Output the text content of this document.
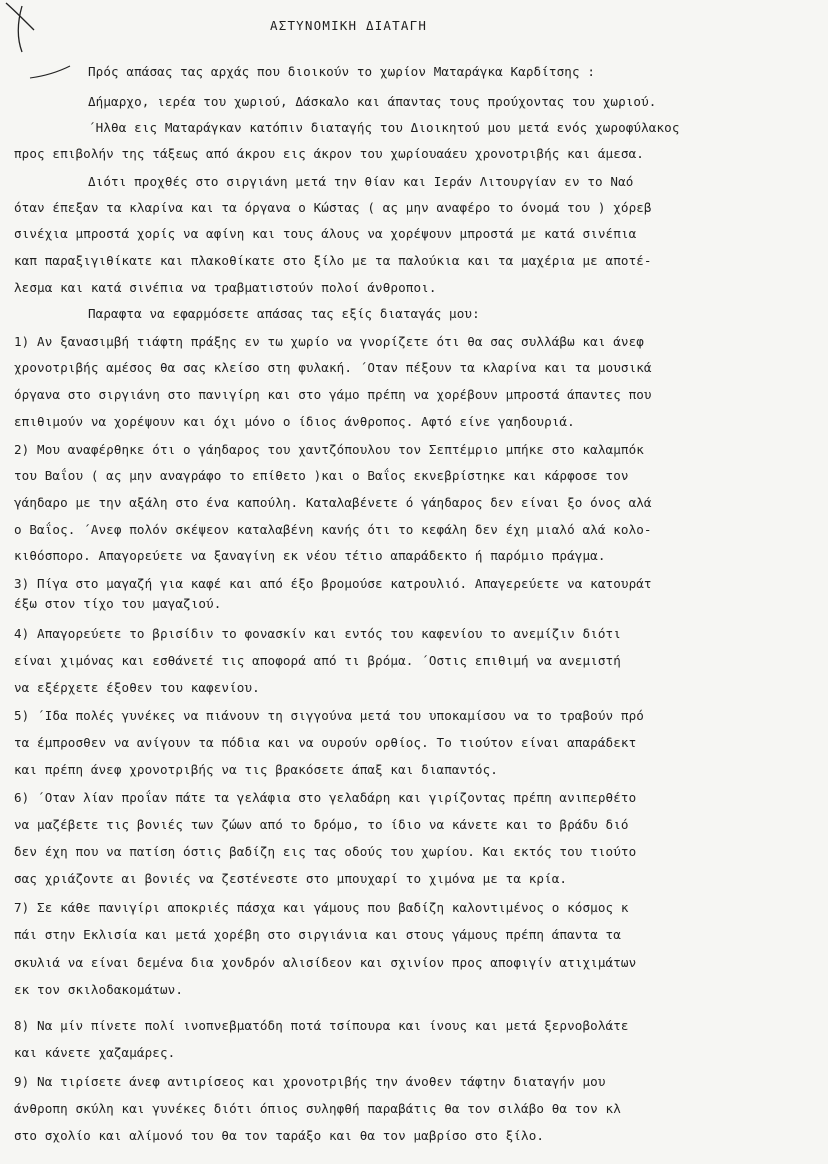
ΑΣΤΥΝΟΜΙΚΗ ΔΙΑΤΑΓΗ
Πρός απάσας τας αρχάς που διοικούν το χωρίον Ματαράγκα Καρδίτσης :
Δήμαρχο, ιερέα του χωριού, Δάσκαλο και άπαντας τους προύχοντας του χωριού.
΄Ηλθα εις Ματαράγκαν κατόπιν διαταγής του Διοικητού μου μετά ενός χωροφύλακος
προς επιβολήν της τάξεως από άκρου εις άκρον του χωρίουαάευ χρονοτριβής και άμεσα.
Διότι προχθές στο σιργιάνη μετά την θίαν και Ιεράν Λιτουργίαν εν το Ναό
όταν έπεξαν τα κλαρίνα και τα όργανα ο Κώστας ( ας μην αναφέρο το όνομά του ) χόρεβ
σινέχια μπροστά χορίς να αφίνη και τους άλους να χορέψουν μπροστά με κατά σινέπια
καπ παραξιγιθίκατε και πλακοθίκατε στο ξίλο με τα παλούκια και τα μαχέρια με αποτέ-
λεσμα και κατά σινέπια να τραβματιστούν πολοί άνθροποι.
Παραφτα να εφαρμόσετε απάσας τας εξίς διαταγάς μου:
1) Αν ξανασιμβή τιάφτη πράξης εν τω χωρίο να γνορίζετε ότι θα σας συλλάβω και άνεφ
χρονοτριβής αμέσος θα σας κλείσο στη φυλακή. ΄Οταν πέξουν τα κλαρίνα και τα μουσικά
όργανα στο σιργιάνη στο πανιγίρη και στο γάμο πρέπη να χορέβουν μπροστά άπαντες που
επιθιμούν να χορέψουν και όχι μόνο ο ίδιος άνθροπος. Αφτό είνε γαηδουριά.
2) Μου αναφέρθηκε ότι ο γάηδαρος του χαντζόπουλου τον Σεπτέμριο μπήκε στο καλαμπόκ
του Βαΐου ( ας μην αναγράφο το επίθετο )και ο Βαΐος εκνεβρίστηκε και κάρφοσε τον
γάηδαρο με την αξάλη στο ένα καπούλη. Καταλαβένετε ό γάηδαρος δεν είναι ξο όνος αλά
ο Βαΐος. ΄Ανεφ πολόν σκέψεον καταλαβένη κανής ότι το κεφάλη δεν έχη μιαλό αλά κολο-
κιθόσπορο. Απαγορεύετε να ξαναγίνη εκ νέου τέτιο απαράδεκτο ή παρόμιο πράγμα.
3) Πίγα στο μαγαζή για καφέ και από έξο βρομούσε κατρουλιό. Απαγερεύετε να κατουράτ
έξω στον τίχο του μαγαζιού.
4) Απαγορεύετε το βρισίδιν το φονασκίν και εντός του καφενίου το ανεμίζιν διότι
είναι χιμόνας και εσθάνετέ τις αποφορά από τι βρόμα. ΄Οστις επιθιμή να ανεμιστή
να εξέρχετε έξοθεν του καφενίου.
5) ΄Ιδα πολές γυνέκες να πιάνουν τη σιγγούνα μετά του υποκαμίσου να το τραβούν πρό
τα έμπροσθεν να ανίγουν τα πόδια και να ουρούν ορθίος. Το τιούτον είναι απαράδεκτ
και πρέπη άνεφ χρονοτριβής να τις βρακόσετε άπαξ και διαπαντός.
6) ΄Οταν λίαν προΐαν πάτε τα γελάφια στο γελαδάρη και γιρίζοντας πρέπη ανιπερθέτο
να μαζέβετε τις βονιές των ζώων από το δρόμο, το ίδιο να κάνετε και το βράδυ διό
δεν έχη που να πατίση όστις βαδίζη εις τας οδούς του χωρίου. Και εκτός του τιούτο
σας χριάζοντε αι βονιές να ζεστένεστε στο μπουχαρί το χιμόνα με τα κρία.
7) Σε κάθε πανιγίρι αποκριές πάσχα και γάμους που βαδίζη καλοντιμένος ο κόσμος κ
πάι στην Εκλισία και μετά χορέβη στο σιργιάνια και στους γάμους πρέπη άπαντα τα
σκυλιά να είναι δεμένα δια χονδρόν αλισίδεον και σχινίον προς αποφιγίν ατιχιμάτων
εκ τον σκιλοδακομάτων.
8) Να μίν πίνετε πολί ινοπνεβματόδη ποτά τσίπουρα και ίνους και μετά ξερνοβολάτε
και κάνετε χαζαμάρες.
9) Να τιρίσετε άνεφ αντιρίσεος και χρονοτριβής την άνοθεν τάφτην διαταγήν μου
άνθροπη σκύλη και γυνέκες διότι όπιος συληφθή παραβάτις θα τον σιλάβο θα τον κλ
στο σχολίο και αλίμονό του θα τον ταράξο και θα τον μαβρίσο στο ξίλο.
